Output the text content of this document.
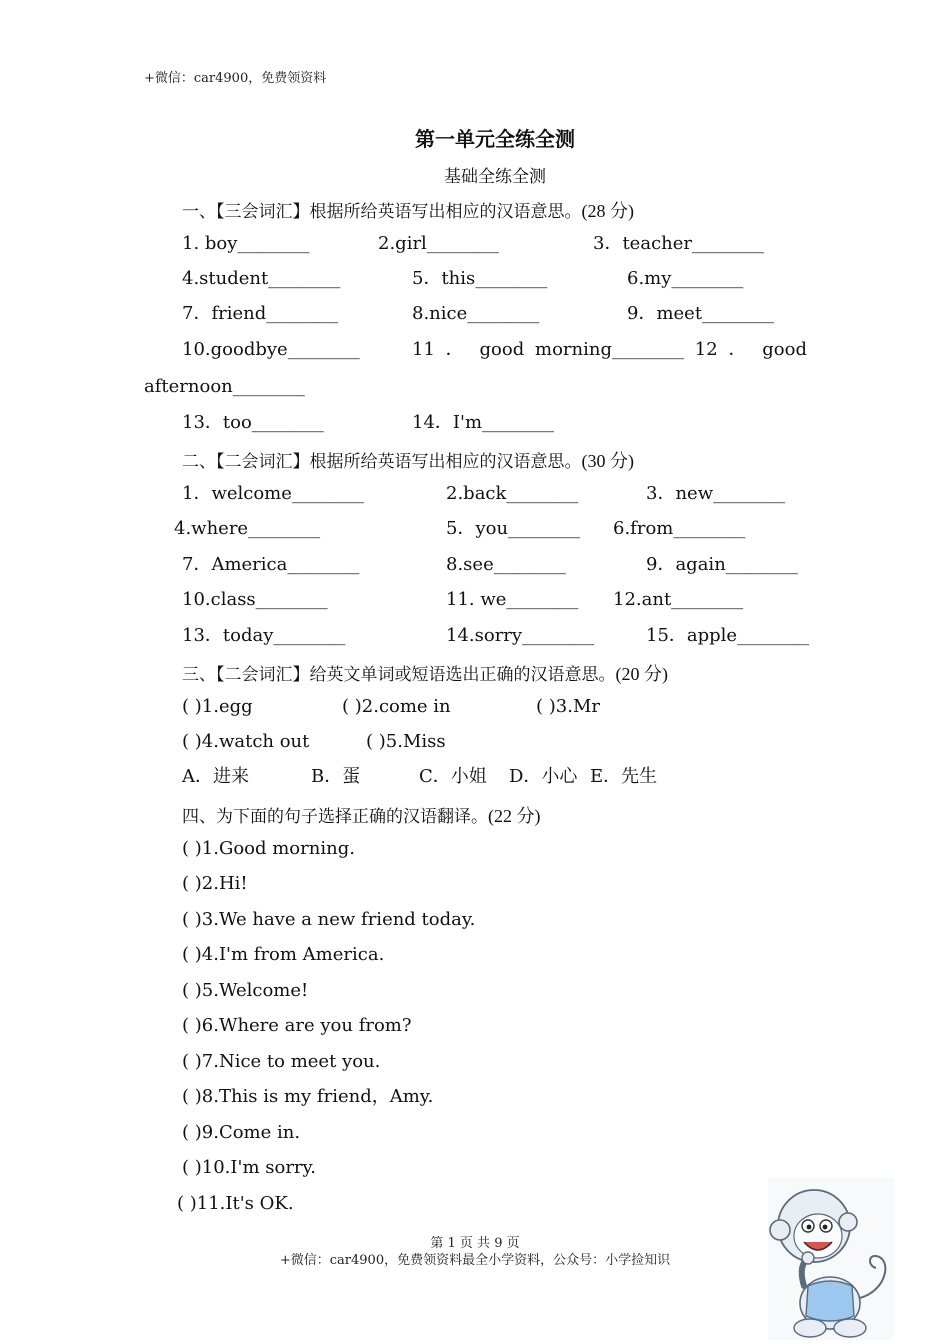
+微信：car4900，免费领资料
第一单元全练全测
基础全练全测
一、【三会词汇】根据所给英语写出相应的汉语意思。(28 分)
1. boy________	2.girl________	3．teacher________
4.student________	5．this________	6.my________
7．friend________	8.nice________	9．meet________
10.goodbye________	11 ． good morning________ 12 ． good
afternoon________
13．too________	14．I'm________
二、【二会词汇】根据所给英语写出相应的汉语意思。(30 分)
1．welcome________	2.back________	3．new________
4.where________	5．you________ 6.from________
7．America________	8.see________	9．again________
10.class________	11. we________ 12.ant________
13．today________	14.sorry________	15．apple________
三、【二会词汇】给英文单词或短语选出正确的汉语意思。(20 分)
( )1.egg	( )2.come in	( )3.Mr
( )4.watch out	( )5.Miss
A．进来	B．蛋	C．小姐 D．小心 E．先生
四、为下面的句子选择正确的汉语翻译。(22 分)
( )1.Good morning.
( )2.Hi!
( )3.We have a new friend today.
( )4.I'm from America.
( )5.Welcome!
( )6.Where are you from?
( )7.Nice to meet you.
( )8.This is my friend，Amy.
( )9.Come in.
( )10.I'm sorry.
( )11.It's OK.
第 1 页 共 9 页
+微信：car4900，免费领资料最全小学资料，公众号：小学捡知识
